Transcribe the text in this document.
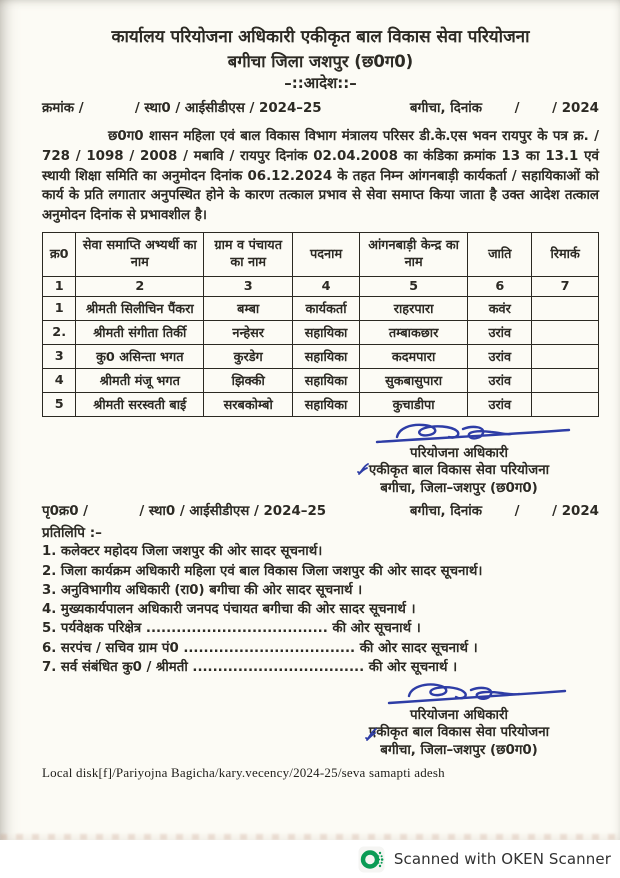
कार्यालय परियोजना अधिकारी एकीकृत बाल विकास सेवा परियोजना
बगीचा जिला जशपुर (छ0ग0)
–::आदेश::–
क्रमांक /           / स्था0 / आईसीडीएस / 2024–25	बगीचा, दिनांक       /       / 2024

छ0ग0 शासन महिला एवं बाल विकास विभाग मंत्रालय परिसर डी.के.एस भवन रायपुर के पत्र क्र. / 728 / 1098 / 2008 / मबावि / रायपुर दिनांक 02.04.2008 का कंडिका क्रमांक 13 का 13.1 एवं स्थायी शिक्षा समिति का अनुमोदन दिनांक 06.12.2024 के तहत निम्न आंगनबाड़ी कार्यकर्ता / सहायिकाओं को कार्य के प्रति लगातार अनुपस्थित होने के कारण तत्काल प्रभाव से सेवा समाप्त किया जाता है उक्त आदेश तत्काल अनुमोदन दिनांक से प्रभावशील है।

क्र0	सेवा समाप्ति अभ्यर्थी का नाम	ग्राम व पंचायत का नाम	पदनाम	आंगनबाड़ी केन्द्र का नाम	जाति	रिमार्क
1	2	3	4	5	6	7
1	श्रीमती सिलीचिन पैंकरा	बम्बा	कार्यकर्ता	राहरपारा	कवंर	
2.	श्रीमती संगीता तिर्की	नन्हेसर	सहायिका	तम्बाकछार	उरांव	
3	कु0 असिन्ता भगत	कुरडेग	सहायिका	कदमपारा	उरांव	
4	श्रीमती मंजू भगत	झिक्की	सहायिका	सुकबासुपारा	उरांव	
5	श्रीमती सरस्वती बाई	सरबकोम्बो	सहायिका	कुचाडीपा	उरांव	
परियोजना अधिकारी
एकीकृत बाल विकास सेवा परियोजना
बगीचा, जिला–जशपुर (छ0ग0)
पृ0क्र0 /           / स्था0 / आईसीडीएस / 2024–25	बगीचा, दिनांक       /       / 2024
प्रतिलिपि :–
1. कलेक्टर महोदय जिला जशपुर की ओर सादर सूचनार्थ।
2. जिला कार्यक्रम अधिकारी महिला एवं बाल विकास जिला जशपुर की ओर सादर सूचनार्थ।
3. अनुविभागीय अधिकारी (रा0) बगीचा की ओर सादर सूचनार्थ ।
4. मुख्यकार्यपालन अधिकारी जनपद पंचायत बगीचा की ओर सादर सूचनार्थ ।
5. पर्यवेक्षक परिक्षेत्र .................................... की ओर सूचनार्थ ।
6. सरपंच / सचिव ग्राम पं0 .................................. की ओर सादर सूचनार्थ ।
7. सर्व संबंधित कु0 / श्रीमती .................................. की ओर सूचनार्थ ।
परियोजना अधिकारी
एकीकृत बाल विकास सेवा परियोजना
बगीचा, जिला–जशपुर (छ0ग0)
Local disk[f]/Pariyojna Bagicha/kary.vecency/2024-25/seva samapti adesh
Scanned with OKEN Scanner
